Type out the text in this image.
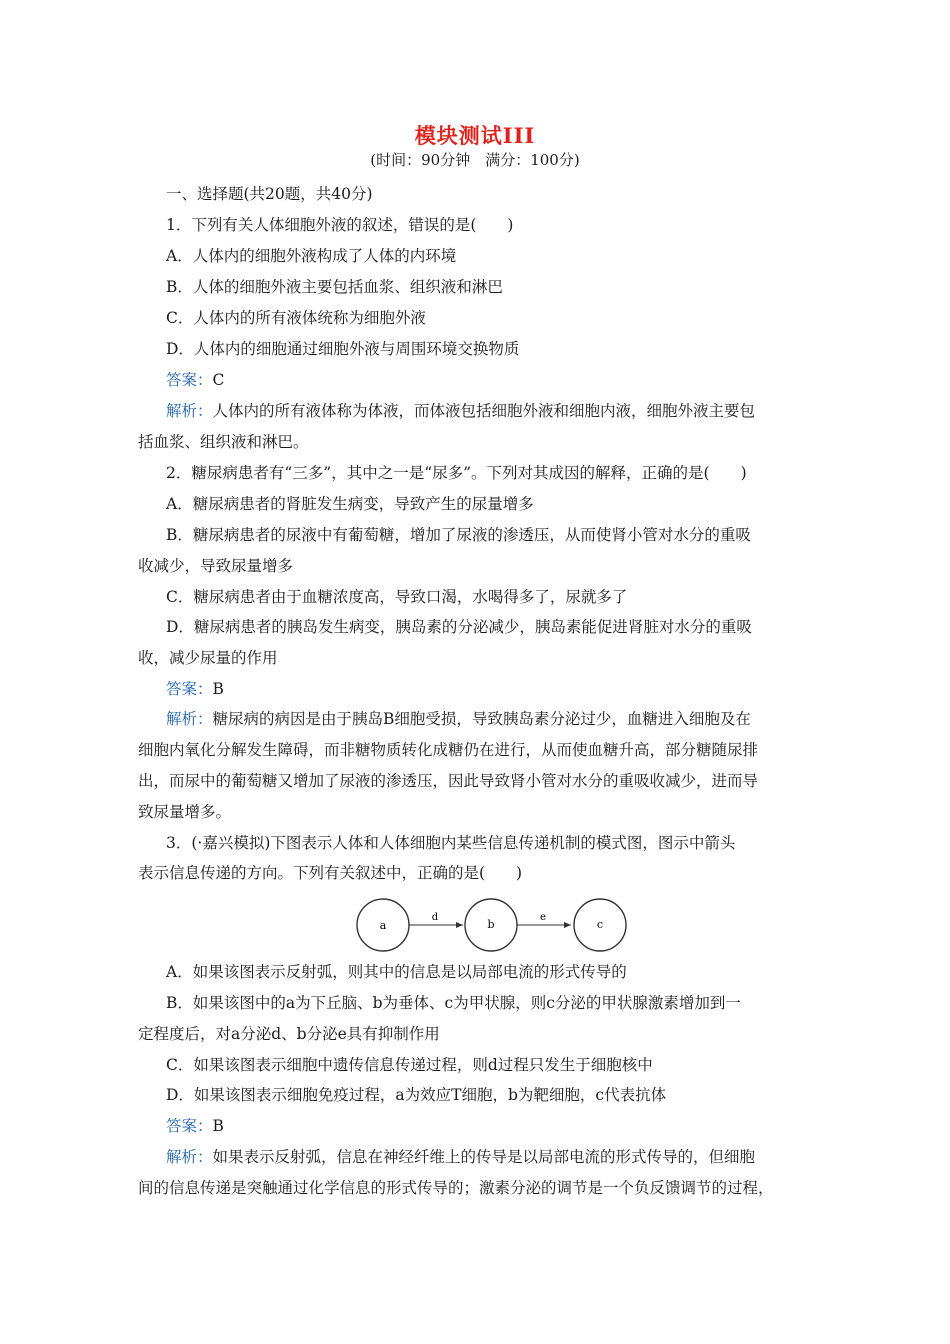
模块测试III
(时间：90分钟　满分：100分)
一、选择题(共20题，共40分)
1．下列有关人体细胞外液的叙述，错误的是(　　)
A．人体内的细胞外液构成了人体的内环境
B．人体的细胞外液主要包括血浆、组织液和淋巴
C．人体内的所有液体统称为细胞外液
D．人体内的细胞通过细胞外液与周围环境交换物质
答案：C
解析：人体内的所有液体称为体液，而体液包括细胞外液和细胞内液，细胞外液主要包
括血浆、组织液和淋巴。
2．糖尿病患者有“三多”，其中之一是“尿多”。下列对其成因的解释，正确的是(　　)
A．糖尿病患者的肾脏发生病变，导致产生的尿量增多
B．糖尿病患者的尿液中有葡萄糖，增加了尿液的渗透压，从而使肾小管对水分的重吸
收减少，导致尿量增多
C．糖尿病患者由于血糖浓度高，导致口渴，水喝得多了，尿就多了
D．糖尿病患者的胰岛发生病变，胰岛素的分泌减少，胰岛素能促进肾脏对水分的重吸
收，减少尿量的作用
答案：B
解析：糖尿病的病因是由于胰岛B细胞受损，导致胰岛素分泌过少，血糖进入细胞及在
细胞内氧化分解发生障碍，而非糖物质转化成糖仍在进行，从而使血糖升高，部分糖随尿排
出，而尿中的葡萄糖又增加了尿液的渗透压，因此导致肾小管对水分的重吸收减少，进而导
致尿量增多。
3．(·嘉兴模拟)下图表示人体和人体细胞内某些信息传递机制的模式图，图示中箭头
表示信息传递的方向。下列有关叙述中，正确的是(　　)
a
d
b
e
c
A．如果该图表示反射弧，则其中的信息是以局部电流的形式传导的
B．如果该图中的a为下丘脑、b为垂体、c为甲状腺，则c分泌的甲状腺激素增加到一
定程度后，对a分泌d、b分泌e具有抑制作用
C．如果该图表示细胞中遗传信息传递过程，则d过程只发生于细胞核中
D．如果该图表示细胞免疫过程，a为效应T细胞，b为靶细胞，c代表抗体
答案：B
解析：如果表示反射弧，信息在神经纤维上的传导是以局部电流的形式传导的，但细胞
间的信息传递是突触通过化学信息的形式传导的；激素分泌的调节是一个负反馈调节的过程，
